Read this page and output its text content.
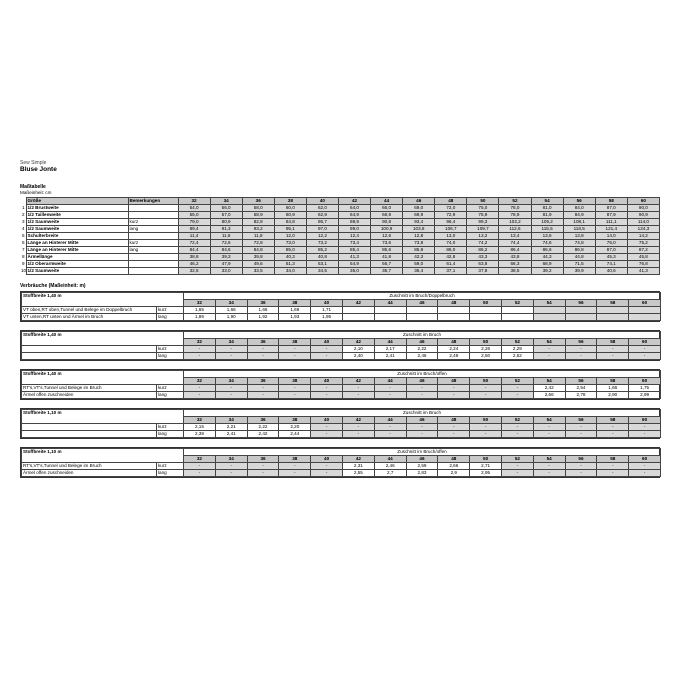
Sew Simple
Bluse Jonte
Maßtabelle
Maßeinheit: cm
	Größe	Bemerkungen	32	34	36	38	40	42	44	46	48	50	52	54	56	58	60
1	1/2 Brustweite		54,0	56,0	58,0	60,0	62,0	64,0	66,0	69,0	72,0	75,0	78,0	81,0	84,0	87,0	90,0
2	1/2 Taillenweite		55,0	57,0	58,9	60,9	62,9	64,9	66,9	69,9	72,9	75,9	78,9	81,9	84,9	87,9	90,9
3	1/2 Saumweite	kurz	79,0	80,9	82,8	84,8	86,7	88,9	90,8	93,4	96,4	99,3	102,2	105,2	108,1	111,1	114,0
4	1/2 Saumweite	lang	89,4	91,3	93,2	95,1	97,0	99,0	100,9	103,8	106,7	109,7	112,6	115,5	118,5	121,4	124,3
5	Schulterbreite		11,4	11,6	11,8	12,0	12,2	12,4	12,6	12,8	13,0	13,2	13,4	13,6	13,8	14,0	14,2
6	Länge an Hinterer Mitte	kurz	72,4	72,6	72,8	73,0	73,2	73,4	73,6	73,8	74,0	74,2	74,4	74,6	74,8	75,0	75,2
7	Länge an Hinterer Mitte	lang	84,4	84,6	84,8	85,0	85,2	85,4	85,6	85,8	86,0	86,2	86,4	86,6	86,8	87,0	87,2
8	Ärmellänge		38,8	39,3	39,8	40,3	40,8	41,3	41,8	42,3	42,8	43,3	43,8	44,3	44,8	45,3	45,8
9	1/2 Oberarmweite		46,2	47,9	49,6	51,3	53,1	54,9	56,7	59,0	61,4	63,8	66,3	68,9	71,5	74,1	76,8
10	1/2 Saumweite		32,5	33,0	33,5	34,0	34,5	35,0	35,7	36,4	37,1	37,8	38,5	39,2	39,9	40,6	41,3
Verbräuche (Maßeinheit: m)
Stoffbreite 1,40 m		Zuschnitt im Bruch/Doppelbruch														
		32	34	36	38	40	42	44	46	48	50	52	54	56	58	60
VT oben,RT oben,Tunnel und Belege im Doppelbruch	kurz	1,65	1,66	1,66	1,69	1,71										
VT unten,RT unten und Ärmel im Bruch	lang	1,89	1,90	1,92	1,93	1,95										
Stoffbreite 1,40 m		Zuschnitt im Bruch														
		32	34	36	38	40	42	44	46	48	50	52	54	56	58	60
	kurz	-	-	-	-	-	2,10	2,17	2,22	2,24	2,26	2,29	-	-	-	-
	lang	-	-	-	-	-	2,40	2,41	2,46	2,49	2,50	2,52	-	-	-	-
Stoffbreite 1,40 m		Zuschnitt im Bruch/offen														
		32	34	36	38	40	42	44	46	48	50	52	54	56	58	60
RT's,VT's,Tunnel und Belege im Bruch	kurz	-	-	-	-	-	-	-	-	-	-	-	2,42	2,54	1,66	1,75
Ärmel offen zuschneiden	lang	-	-	-	-	-	-	-	-	-	-	-	2,66	2,78	2,90	2,99
Stoffbreite 1,10 m		Zuschnitt im Bruch														
		32	34	36	38	40	42	44	46	48	50	52	54	56	58	60
	kurz	2,15	2,21	2,22	2,20	-	-	-	-	-	-	-	-	-	-	-
	lang	2,39	2,41	2,42	2,44	-	-	-	-	-	-	-	-	-	-	-
Stoffbreite 1,10 m		Zuschnitt im Bruch/offen														
		32	34	36	38	40	42	44	46	48	50	52	54	56	58	60
RT's,VT's,Tunnel und Belege im Bruch	kurz	-	-	-	-	-	2,31	2,46	2,59	2,66	2,71	-	-	-	-	-
Ärmel offen zuschneiden	lang	-	-	-	-	-	2,55	2,7	2,83	2,9	2,95	-	-	-	-	-
